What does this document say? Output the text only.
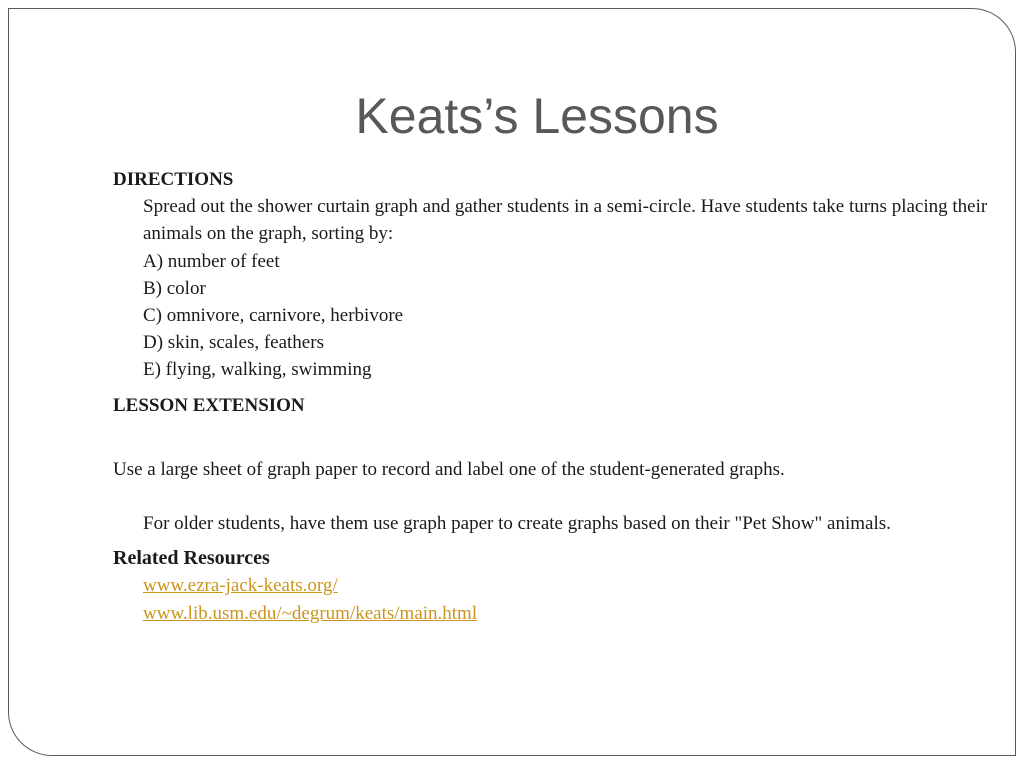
Keats’s Lessons

DIRECTIONS

Spread out the shower curtain graph and gather students in a semi-circle. Have students take turns placing their animals on the graph, sorting by:

A) number of feet

B) color

C) omnivore, carnivore, herbivore

D) skin, scales, feathers

E) flying, walking, swimming

LESSON EXTENSION

Use a large sheet of graph paper to record and label one of the student-generated graphs.

For older students, have them use graph paper to create graphs based on their "Pet Show" animals.

Related Resources

www.ezra-jack-keats.org/

www.lib.usm.edu/~degrum/keats/main.html
